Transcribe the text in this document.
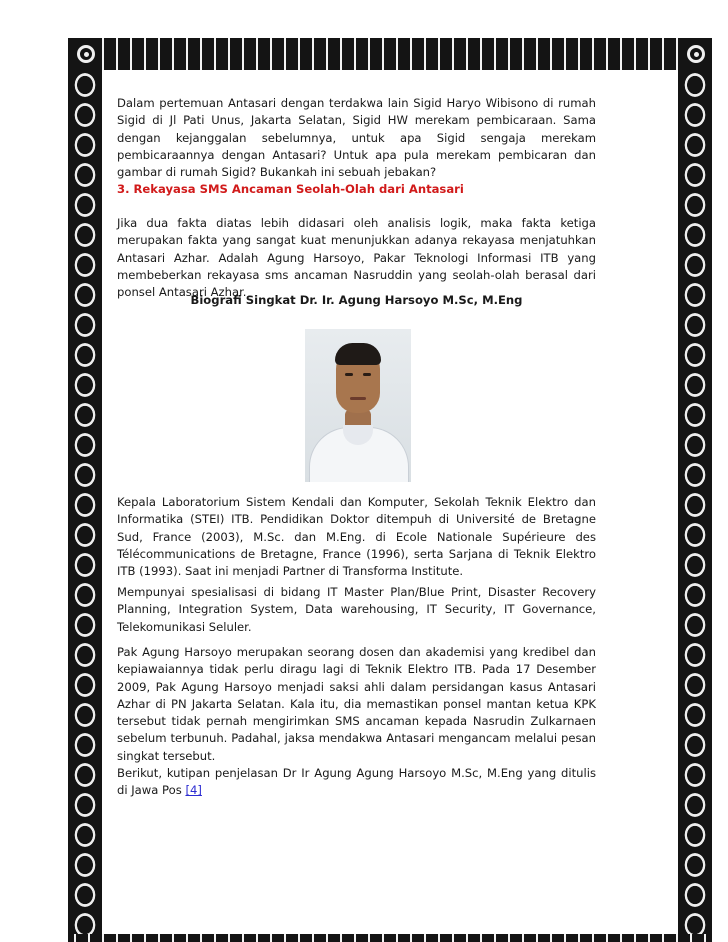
Dalam pertemuan Antasari dengan terdakwa lain Sigid Haryo Wibisono di rumah Sigid di Jl Pati Unus, Jakarta Selatan, Sigid HW merekam pembicaraan. Sama dengan kejanggalan sebelumnya, untuk apa Sigid sengaja merekam pembicaraannya dengan Antasari? Untuk apa pula merekam pembicaran dan gambar di rumah Sigid? Bukankah ini sebuah jebakan?
3. Rekayasa SMS Ancaman Seolah-Olah dari Antasari
Jika dua fakta diatas lebih didasari oleh analisis logik, maka fakta ketiga merupakan fakta yang sangat kuat menunjukkan adanya rekayasa menjatuhkan Antasari Azhar. Adalah Agung Harsoyo, Pakar Teknologi Informasi ITB yang membeberkan rekayasa sms ancaman Nasruddin yang seolah-olah berasal dari ponsel Antasari Azhar.
Biografi Singkat Dr. Ir. Agung Harsoyo M.Sc, M.Eng
Kepala Laboratorium Sistem Kendali dan Komputer, Sekolah Teknik Elektro dan Informatika (STEI) ITB. Pendidikan Doktor ditempuh di Université de Bretagne Sud, France (2003), M.Sc. dan M.Eng. di Ecole Nationale Supérieure des Télécommunications de Bretagne, France (1996), serta Sarjana di Teknik Elektro ITB (1993). Saat ini menjadi Partner di Transforma Institute.
Mempunyai spesialisasi di bidang IT Master Plan/Blue Print, Disaster Recovery Planning, Integration System, Data warehousing, IT Security, IT Governance, Telekomunikasi Seluler.
Pak Agung Harsoyo merupakan seorang dosen dan akademisi yang kredibel dan kepiawaiannya tidak perlu diragu lagi di Teknik Elektro ITB. Pada 17 Desember 2009, Pak Agung Harsoyo menjadi saksi ahli dalam persidangan kasus Antasari Azhar di PN Jakarta Selatan. Kala itu, dia memastikan ponsel mantan ketua KPK tersebut tidak pernah mengirimkan SMS ancaman kepada Nasrudin Zulkarnaen sebelum terbunuh. Padahal, jaksa mendakwa Antasari mengancam melalui pesan singkat tersebut.
Berikut, kutipan penjelasan Dr Ir Agung Agung Harsoyo M.Sc, M.Eng yang ditulis di Jawa Pos [4]
